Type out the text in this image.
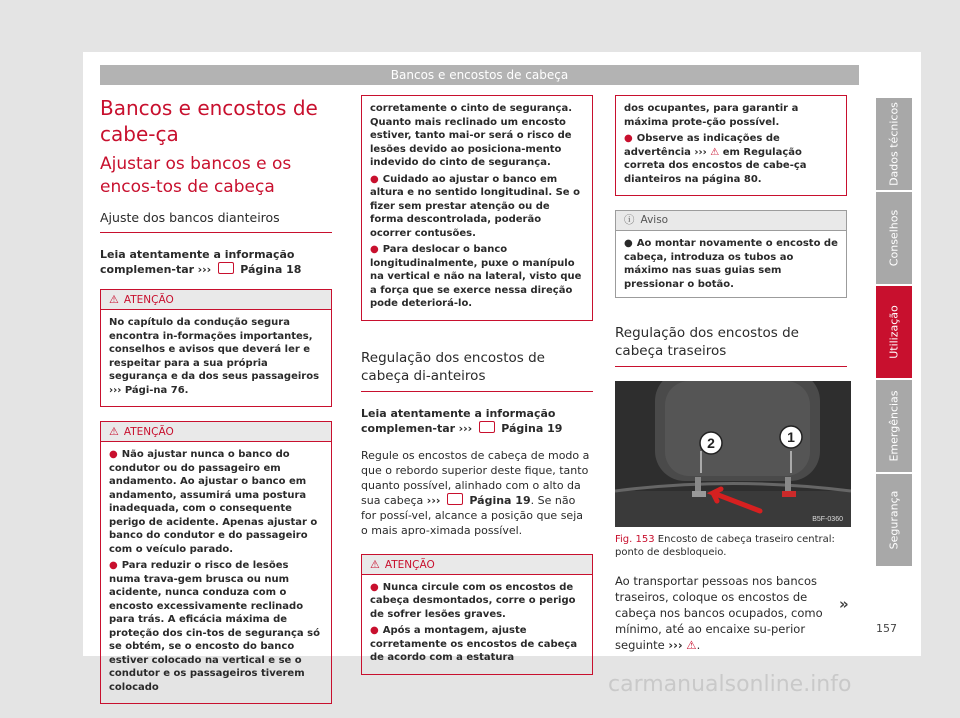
Bancos e encostos de cabeça
Bancos e encostos de cabe-ça
Ajustar os bancos e os encos-tos de cabeça
Ajuste dos bancos dianteiros
Leia atentamente a informação complemen-tar ›››	Página 18
⚠ ATENÇÃO

No capítulo da condução segura encontra in-formações importantes, conselhos e avisos que deverá ler e respeitar para a sua própria segurança e da dos seus passageiros ››› Pági-na 76.

⚠ ATENÇÃO

● Não ajustar nunca o banco do condutor ou do passageiro em andamento. Ao ajustar o banco em andamento, assumirá uma postura inadequada, com o consequente perigo de acidente. Apenas ajustar o banco do condutor e do passageiro com o veículo parado.

● Para reduzir o risco de lesões numa trava-gem brusca ou num acidente, nunca conduza com o encosto excessivamente reclinado para trás. A eficácia máxima de proteção dos cin-tos de segurança só se obtém, se o encosto do banco estiver colocado na vertical e se o condutor e os passageiros tiverem colocado

corretamente o cinto de segurança. Quanto mais reclinado um encosto estiver, tanto mai-or será o risco de lesões devido ao posiciona-mento indevido do cinto de segurança.

● Cuidado ao ajustar o banco em altura e no sentido longitudinal. Se o fizer sem prestar atenção ou de forma descontrolada, poderão ocorrer contusões.

● Para deslocar o banco longitudinalmente, puxe o manípulo na vertical e não na lateral, visto que a força que se exerce nessa direção pode deteriorá-lo.

Regulação dos encostos de cabeça di-anteiros
Leia atentamente a informação complemen-tar ›››	Página 19

Regule os encostos de cabeça de modo a que o rebordo superior deste fique, tanto quanto possível, alinhado com o alto da sua cabeça ›››	Página 19. Se não for possí-vel, alcance a posição que seja o mais apro-ximada possível.

⚠ ATENÇÃO

● Nunca circule com os encostos de cabeça desmontados, corre o perigo de sofrer lesões graves.

● Após a montagem, ajuste corretamente os encostos de cabeça de acordo com a estatura

dos ocupantes, para garantir a máxima prote-ção possível.

● Observe as indicações de advertência ››› ⚠ em Regulação correta dos encostos de cabe-ça dianteiros na página 80.

ⓘ Aviso

● Ao montar novamente o encosto de cabeça, introduza os tubos ao máximo nas suas guias sem pressionar o botão.

Regulação dos encostos de cabeça traseiros
2	1
B5F-0360
Fig. 153 Encosto de cabeça traseiro central: ponto de desbloqueio.

Ao transportar pessoas nos bancos traseiros, coloque os encostos de cabeça nos bancos ocupados, como mínimo, até ao encaixe su-perior seguinte ››› ⚠.

»
Dados técnicos
Conselhos
Utilização
Emergências
Segurança
157
carmanualsonline.info
